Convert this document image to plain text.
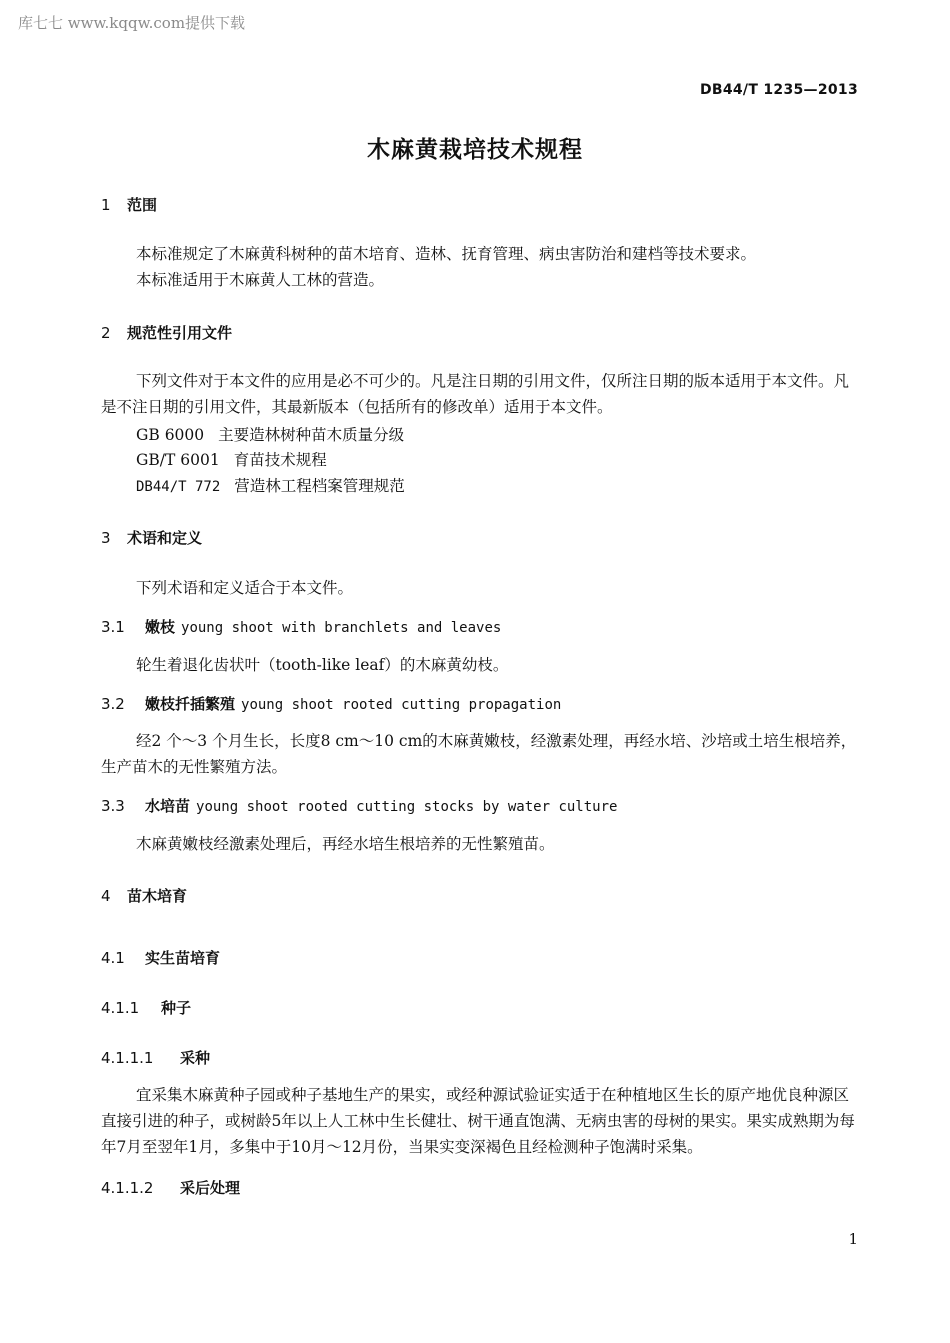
库七七 www.kqqw.com提供下载
DB44/T 1235—2013
木麻黄栽培技术规程
1 范围
本标准规定了木麻黄科树种的苗木培育、造林、抚育管理、病虫害防治和建档等技术要求。
本标准适用于木麻黄人工林的营造。
2 规范性引用文件
下列文件对于本文件的应用是必不可少的。凡是注日期的引用文件，仅所注日期的版本适用于本文件。凡是不注日期的引用文件，其最新版本（包括所有的修改单）适用于本文件。
GB 6000 主要造林树种苗木质量分级
GB/T 6001 育苗技术规程
DB44/T 772 营造林工程档案管理规范
3 术语和定义
下列术语和定义适合于本文件。
3.1 嫩枝 young shoot with branchlets and leaves
轮生着退化齿状叶（tooth-like leaf）的木麻黄幼枝。
3.2 嫩枝扦插繁殖 young shoot rooted cutting propagation
经2 个～3 个月生长，长度8 cm～10 cm的木麻黄嫩枝，经激素处理，再经水培、沙培或土培生根培养，生产苗木的无性繁殖方法。
3.3 水培苗 young shoot rooted cutting stocks by water culture
木麻黄嫩枝经激素处理后，再经水培生根培养的无性繁殖苗。
4 苗木培育
4.1 实生苗培育
4.1.1 种子
4.1.1.1 采种
宜采集木麻黄种子园或种子基地生产的果实，或经种源试验证实适于在种植地区生长的原产地优良种源区直接引进的种子，或树龄5年以上人工林中生长健壮、树干通直饱满、无病虫害的母树的果实。果实成熟期为每年7月至翌年1月，多集中于10月～12月份，当果实变深褐色且经检测种子饱满时采集。
4.1.1.2 采后处理
1
